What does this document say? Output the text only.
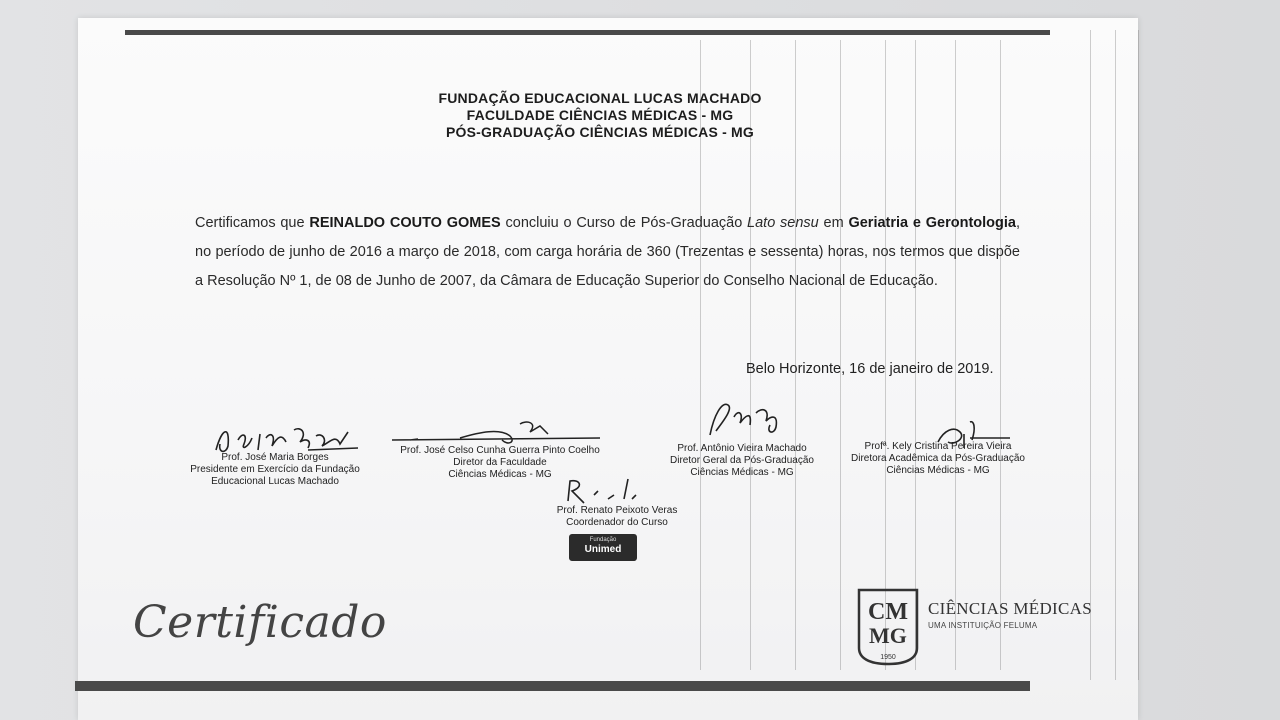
FUNDAÇÃO EDUCACIONAL LUCAS MACHADO
FACULDADE CIÊNCIAS MÉDICAS - MG
PÓS-GRADUAÇÃO CIÊNCIAS MÉDICAS - MG
Certificamos que REINALDO COUTO GOMES concluiu o Curso de Pós-Graduação Lato sensu em Geriatria e Gerontologia, no período de junho de 2016 a março de 2018, com carga horária de 360 (Trezentas e sessenta) horas, nos termos que dispõe a Resolução Nº 1, de 08 de Junho de 2007, da Câmara de Educação Superior do Conselho Nacional de Educação.
Belo Horizonte, 16 de janeiro de 2019.
Prof. José Maria Borges
Presidente em Exercício da Fundação
Educacional Lucas Machado
Prof. José Celso Cunha Guerra Pinto Coelho
Diretor da Faculdade
Ciências Médicas - MG
Prof. Antônio Vieira Machado
Diretor Geral da Pós-Graduação
Ciências Médicas - MG
Profª. Kely Cristina Pereira Vieira
Diretora Acadêmica da Pós-Graduação
Ciências Médicas - MG
Prof. Renato Peixoto Veras
Coordenador do Curso
Fundação
Unimed
Certificado	CM
MG
1950
CIÊNCIAS MÉDICAS
UMA INSTITUIÇÃO FELUMA
